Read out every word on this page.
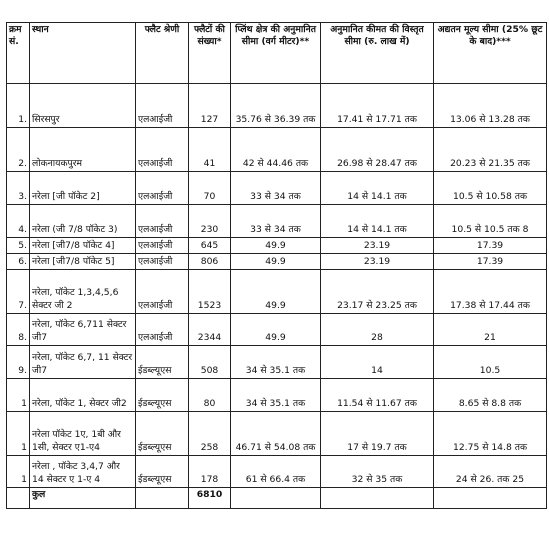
क्रम सं.	स्थान	फ्लैट श्रेणी	फ्लैटों की संख्या*	प्लिंथ क्षेत्र की अनुमानित सीमा (वर्ग मीटर)**	अनुमानित कीमत की विस्तृत सीमा (रु. लाख में)	अद्यतन मूल्य सीमा (25% छूट के बाद)***
1.	सिरसपुर	एलआईजी	127	35.76 से 36.39 तक	17.41 से 17.71 तक	13.06 से 13.28 तक
2.	लोकनायकपुरम	एलआईजी	41	42 से 44.46 तक	26.98 से 28.47 तक	20.23 से 21.35 तक
3.	नरेला [जी पॉकेट 2]	एलआईजी	70	33 से 34 तक	14 से 14.1 तक	10.5 से 10.58 तक
4.	नरेला (जी 7/8 पॉकेट 3)	एलआईजी	230	33 से 34 तक	14 से 14.1 तक	10.5 से 10.5 तक 8
5.	नरेला [जी7/8 पॉकेट 4]	एलआईजी	645	49.9	23.19	17.39
6.	नरेला [जी7/8 पॉकेट 5]	एलआईजी	806	49.9	23.19	17.39
7.	नरेला, पॉकेट 1,3,4,5,6 सेक्टर जी 2	एलआईजी	1523	49.9	23.17 से 23.25 तक	17.38 से 17.44 तक
8.	नरेला, पॉकेट 6,711 सेक्टर जी7	एलआईजी	2344	49.9	28	21
9.	नरेला, पॉकेट 6,7, 11 सेक्टर जी7	ईडब्ल्यूएस	508	34 से 35.1 तक	14	10.5
1	नरेला, पॉकेट 1, सेक्टर जी2	ईडब्ल्यूएस	80	34 से 35.1 तक	11.54 से 11.67 तक	8.65 से 8.8 तक
1	नरेला पॉकेट 1ए, 1बी और 1सी, सेक्टर ए1-ए4	ईडब्ल्यूएस	258	46.71 से 54.08 तक	17 से 19.7 तक	12.75 से 14.8 तक
1	नरेला , पॉकेट 3,4,7 और 14 सेक्टर ए 1-ए 4	ईडब्ल्यूएस	178	61 से 66.4 तक	32 से 35 तक	24 से 26. तक 25
	कुल		6810			
